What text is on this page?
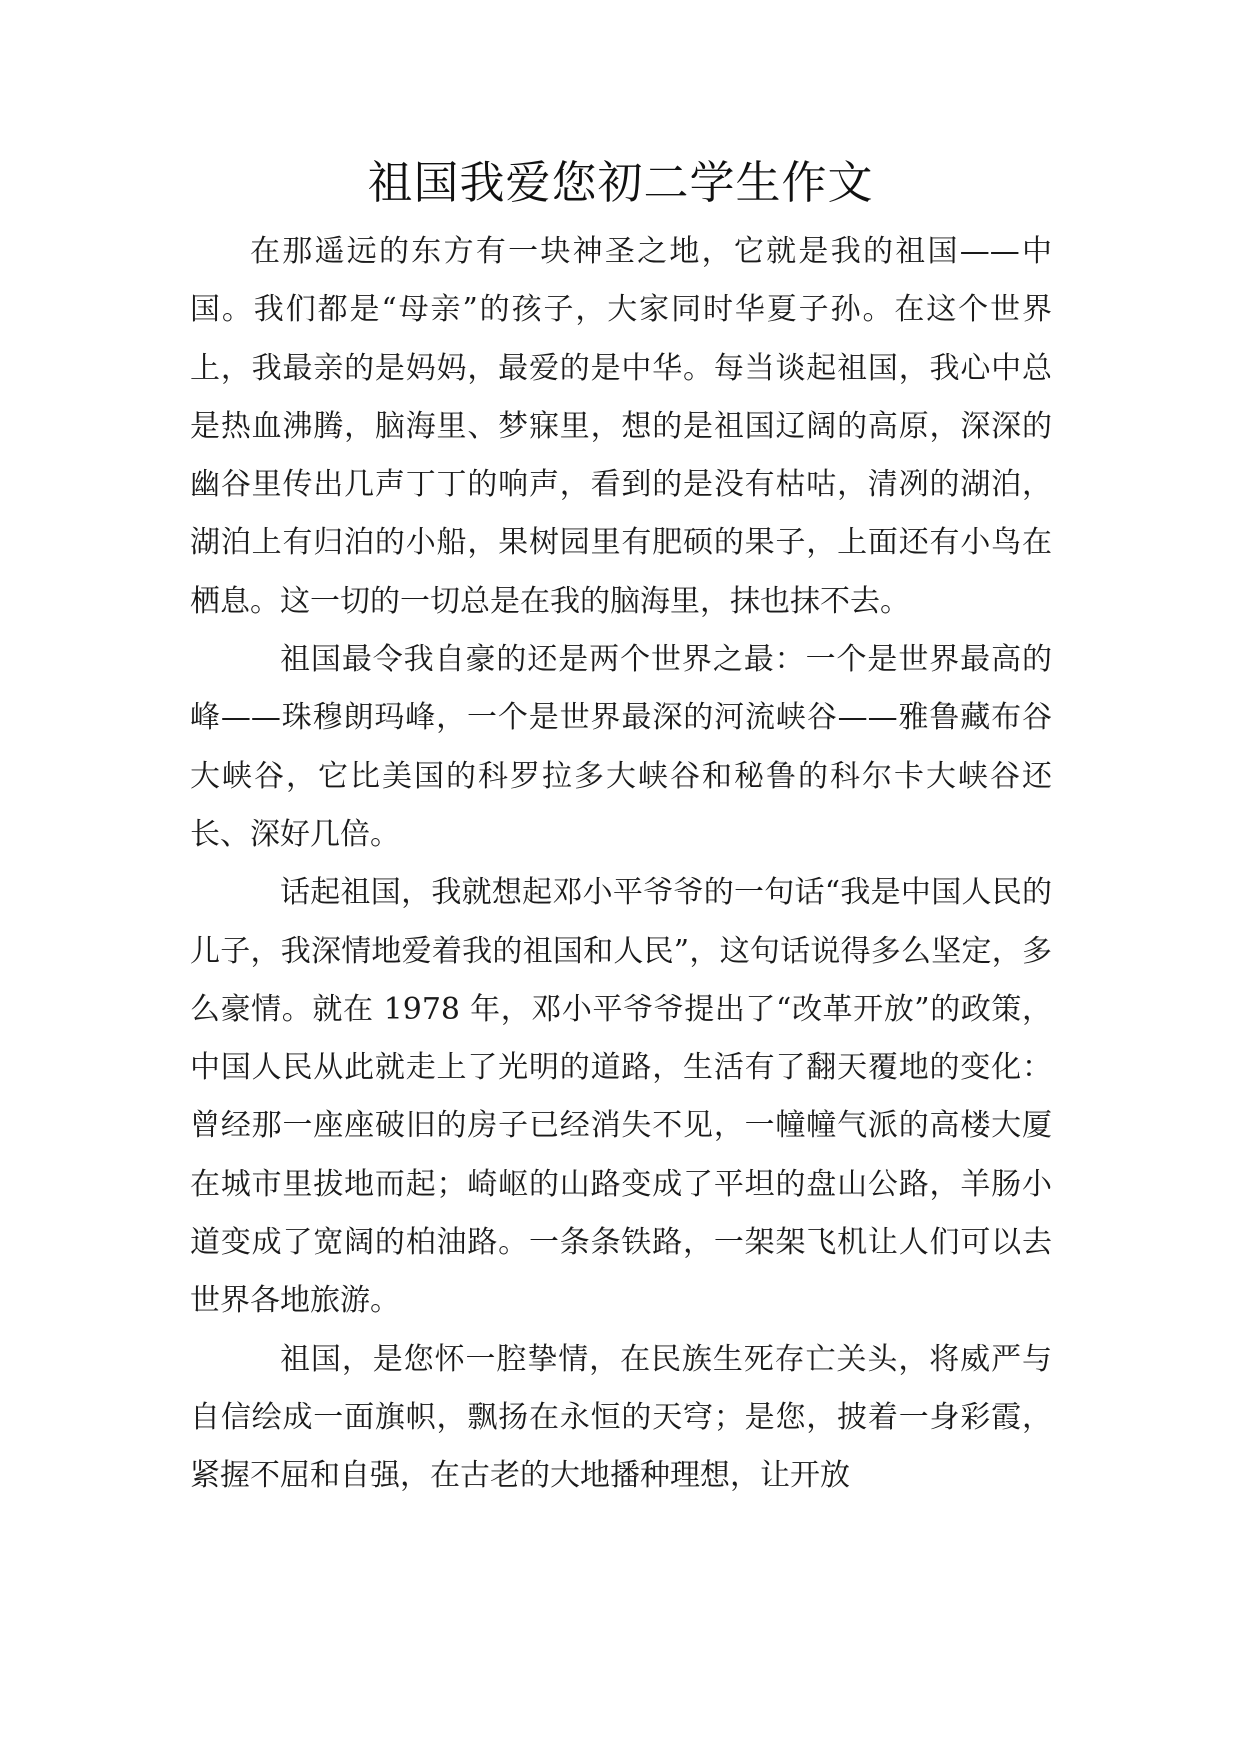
祖国我爱您初二学生作文

在那遥远的东方有一块神圣之地，它就是我的祖国——中国。我们都是“母亲”的孩子，大家同时华夏子孙。在这个世界上，我最亲的是妈妈，最爱的是中华。每当谈起祖国，我心中总是热血沸腾，脑海里、梦寐里，想的是祖国辽阔的高原，深深的幽谷里传出几声丁丁的响声，看到的是没有枯咕，清冽的湖泊，湖泊上有归泊的小船，果树园里有肥硕的果子，上面还有小鸟在栖息。这一切的一切总是在我的脑海里，抹也抹不去。

祖国最令我自豪的还是两个世界之最：一个是世界最高的峰——珠穆朗玛峰，一个是世界最深的河流峡谷——雅鲁藏布谷大峡谷，它比美国的科罗拉多大峡谷和秘鲁的科尔卡大峡谷还长、深好几倍。

话起祖国，我就想起邓小平爷爷的一句话“我是中国人民的儿子，我深情地爱着我的祖国和人民”，这句话说得多么坚定，多么豪情。就在 1978 年，邓小平爷爷提出了“改革开放”的政策，中国人民从此就走上了光明的道路，生活有了翻天覆地的变化：曾经那一座座破旧的房子已经消失不见，一幢幢气派的高楼大厦在城市里拔地而起；崎岖的山路变成了平坦的盘山公路，羊肠小道变成了宽阔的柏油路。一条条铁路，一架架飞机让人们可以去世界各地旅游。

祖国，是您怀一腔挚情，在民族生死存亡关头，将威严与自信绘成一面旗帜，飘扬在永恒的天穹；是您，披着一身彩霞，紧握不屈和自强，在古老的大地播种理想，让开放
